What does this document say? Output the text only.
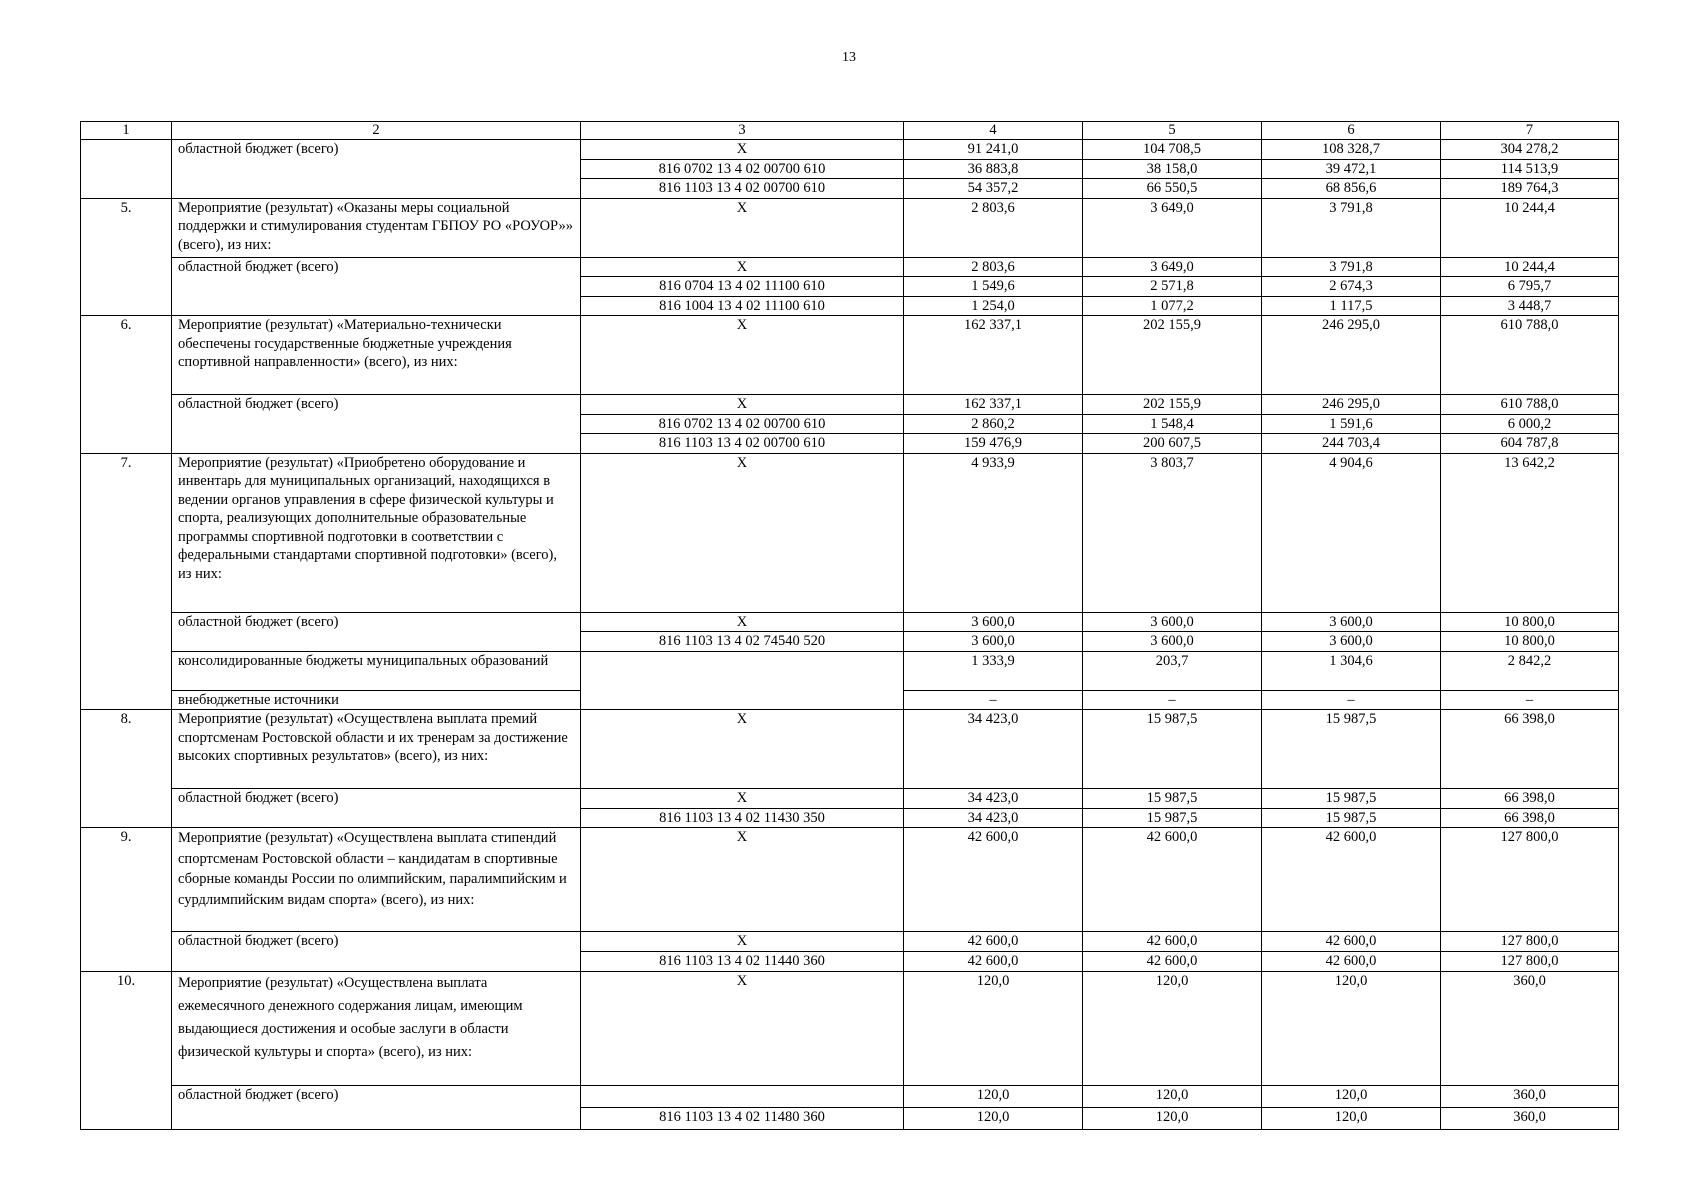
13
1	2	3	4	5	6	7
	областной бюджет (всего)	Х	91 241,0	104 708,5	108 328,7	304 278,2
		816 0702 13 4 02 00700 610	36 883,8	38 158,0	39 472,1	114 513,9
		816 1103 13 4 02 00700 610	54 357,2	66 550,5	68 856,6	189 764,3
5.	Мероприятие (результат) «Оказаны меры социальной поддержки и стимулирования студентам ГБПОУ РО «РОУОР»» (всего), из них:	Х	2 803,6	3 649,0	3 791,8	10 244,4
	областной бюджет (всего)	Х	2 803,6	3 649,0	3 791,8	10 244,4
		816 0704 13 4 02 11100 610	1 549,6	2 571,8	2 674,3	6 795,7
		816 1004 13 4 02 11100 610	1 254,0	1 077,2	1 117,5	3 448,7
6.	Мероприятие (результат) «Материально-технически обеспечены государственные бюджетные учреждения спортивной направленности» (всего), из них:	Х	162 337,1	202 155,9	246 295,0	610 788,0
	областной бюджет (всего)	Х	162 337,1	202 155,9	246 295,0	610 788,0
		816 0702 13 4 02 00700 610	2 860,2	1 548,4	1 591,6	6 000,2
		816 1103 13 4 02 00700 610	159 476,9	200 607,5	244 703,4	604 787,8
7.	Мероприятие (результат) «Приобретено оборудование и инвентарь для муниципальных организаций, находящихся в ведении органов управления в сфере физической культуры и спорта, реализующих дополнительные образовательные программы спортивной подготовки в соответствии с федеральными стандартами спортивной подготовки» (всего), из них:	Х	4 933,9	3 803,7	4 904,6	13 642,2
	областной бюджет (всего)	Х	3 600,0	3 600,0	3 600,0	10 800,0
		816 1103 13 4 02 74540 520	3 600,0	3 600,0	3 600,0	10 800,0
	консолидированные бюджеты муниципальных образований		1 333,9	203,7	1 304,6	2 842,2
	внебюджетные источники		–	–	–	–
8.	Мероприятие (результат) «Осуществлена выплата премий спортсменам Ростовской области и их тренерам за достижение высоких спортивных результатов» (всего), из них:	Х	34 423,0	15 987,5	15 987,5	66 398,0
	областной бюджет (всего)	Х	34 423,0	15 987,5	15 987,5	66 398,0
		816 1103 13 4 02 11430 350	34 423,0	15 987,5	15 987,5	66 398,0
9.	Мероприятие (результат) «Осуществлена выплата стипендий спортсменам Ростовской области – кандидатам в спортивные сборные команды России по олимпийским, паралимпийским и сурдлимпийским видам спорта» (всего), из них:	Х	42 600,0	42 600,0	42 600,0	127 800,0
	областной бюджет (всего)	Х	42 600,0	42 600,0	42 600,0	127 800,0
		816 1103 13 4 02 11440 360	42 600,0	42 600,0	42 600,0	127 800,0
10.	Мероприятие (результат) «Осуществлена выплата ежемесячного денежного содержания лицам, имеющим выдающиеся достижения и особые заслуги в области физической культуры и спорта» (всего), из них:	Х	120,0	120,0	120,0	360,0
	областной бюджет (всего)		120,0	120,0	120,0	360,0
		816 1103 13 4 02 11480 360	120,0	120,0	120,0	360,0
